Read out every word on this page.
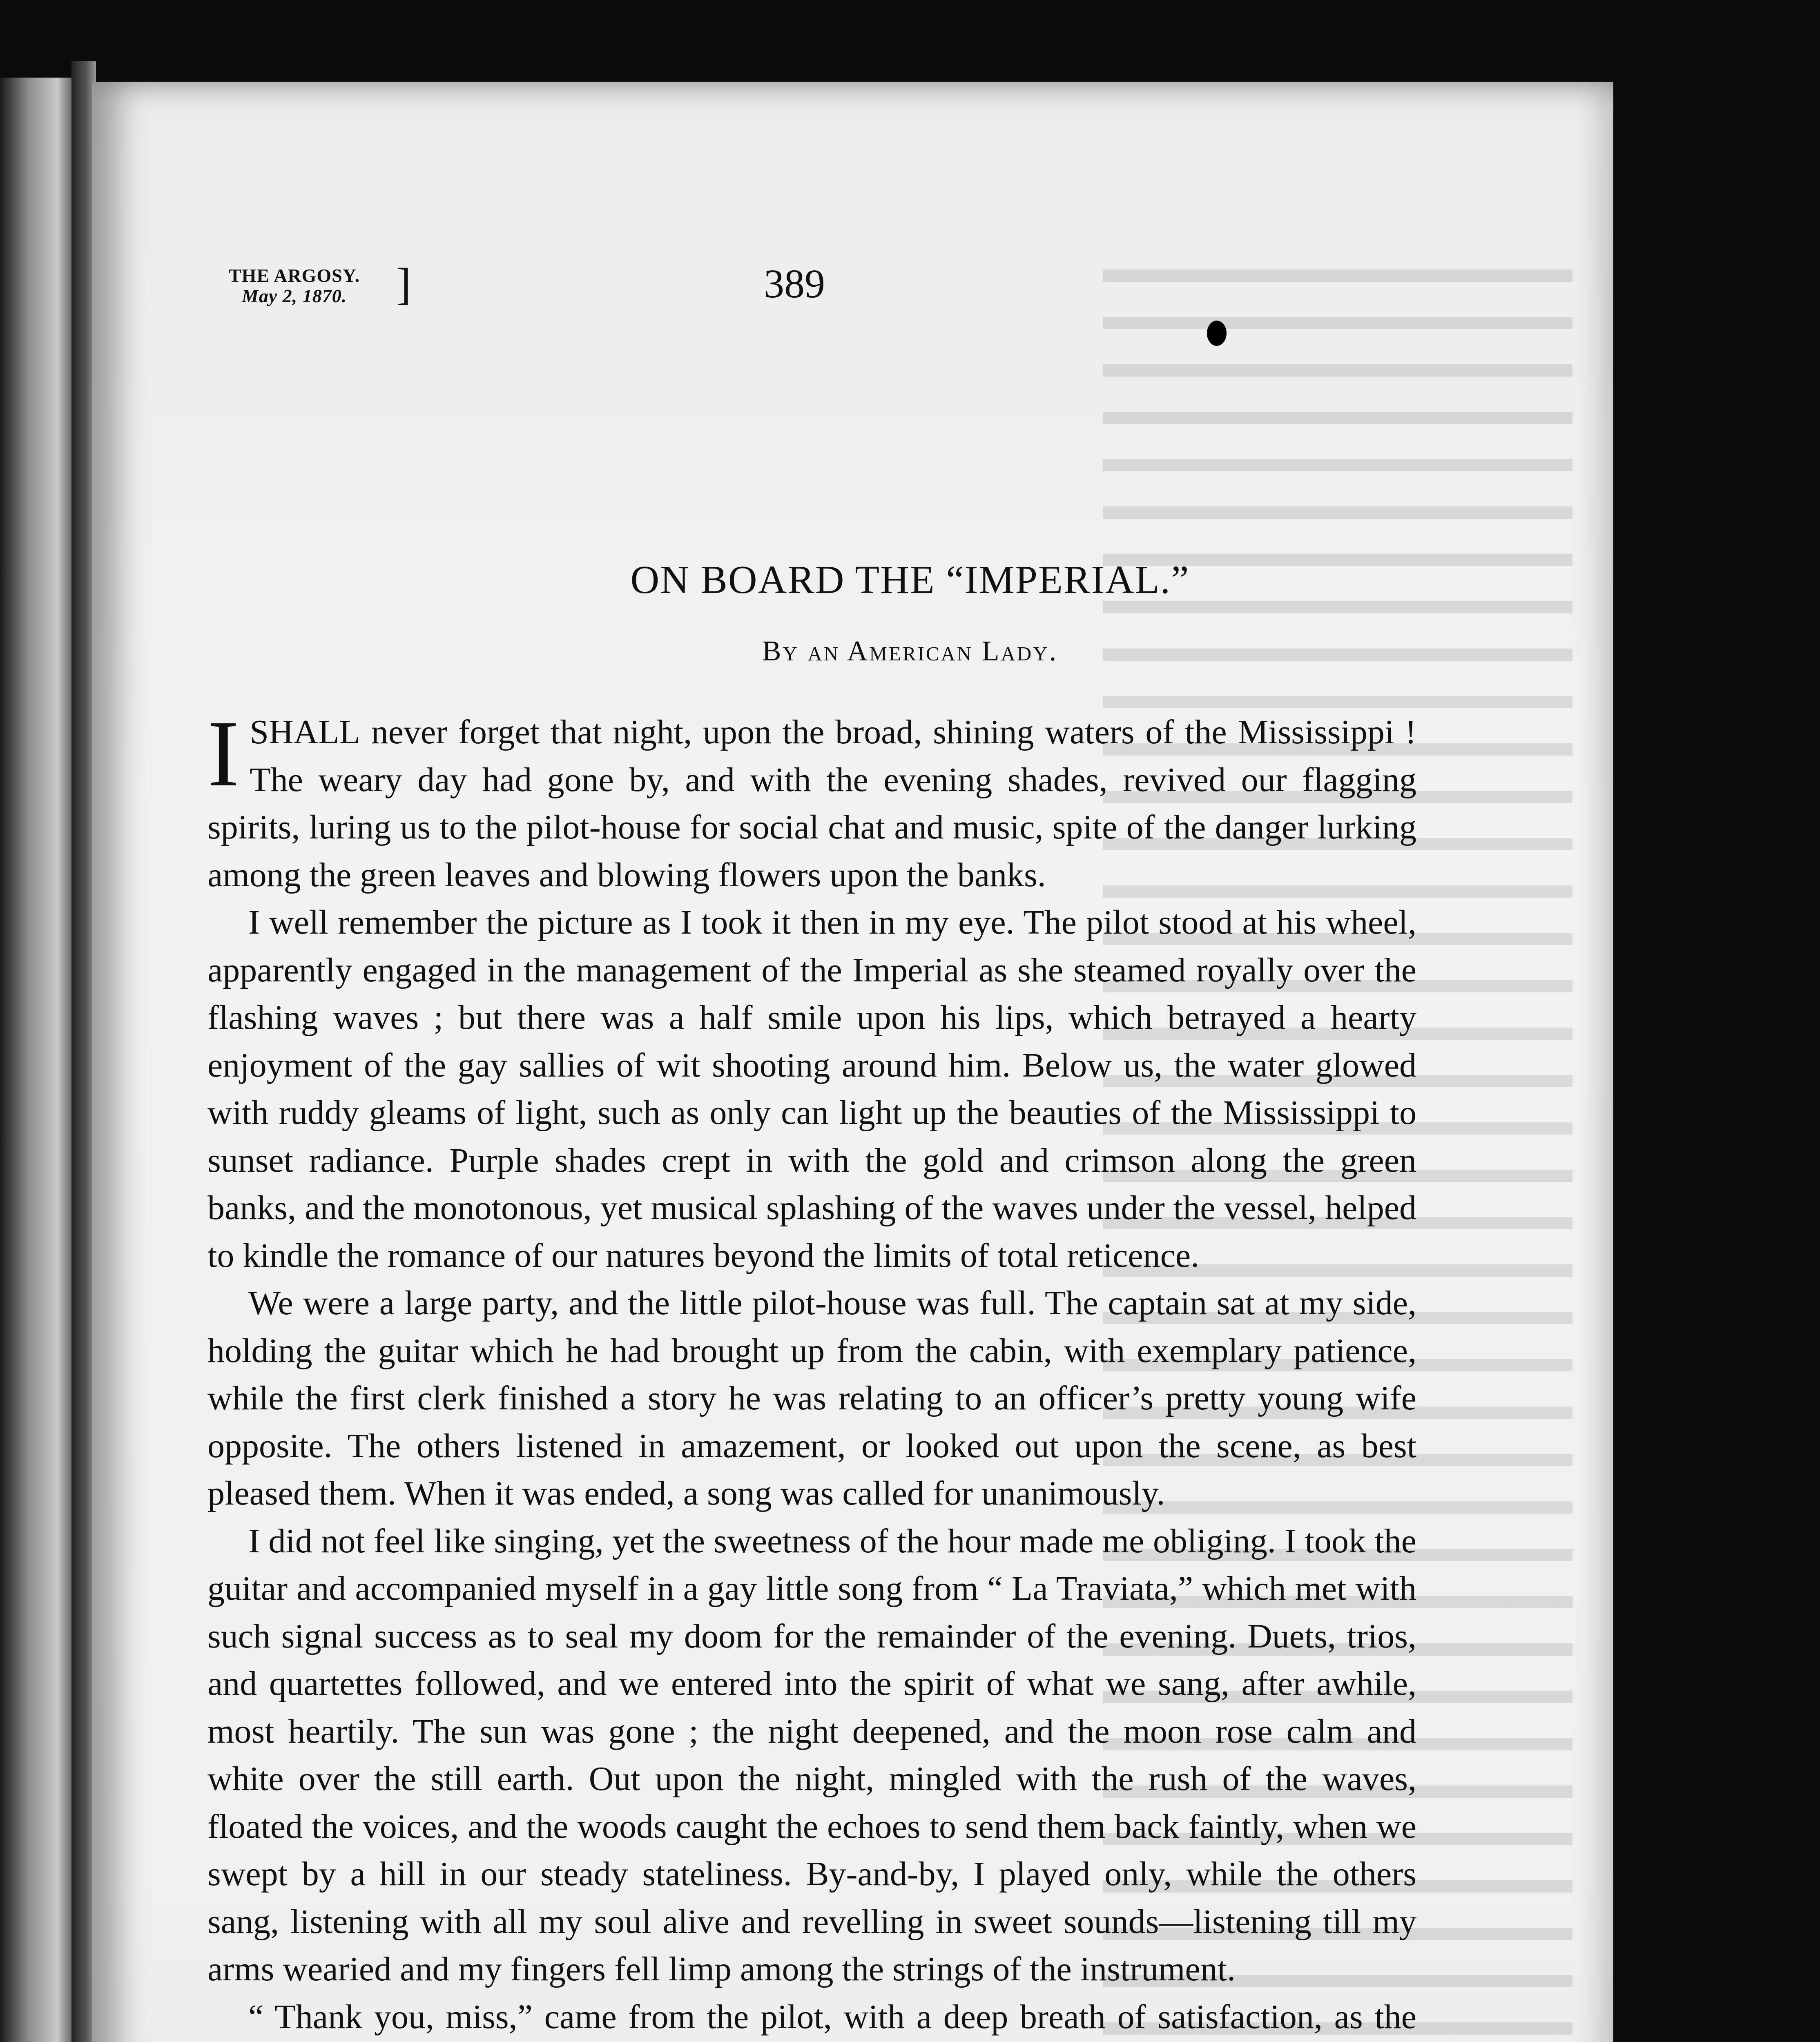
THE ARGOSY.
May 2, 1870. ]	389
ON BOARD THE “IMPERIAL.”
By an American Lady.

I SHALL never forget that night, upon the broad, shining waters of the Mississippi ! The weary day had gone by, and with the evening shades, revived our flagging spirits, luring us to the pilot-house for social chat and music, spite of the danger lurking among the green leaves and blowing flowers upon the banks.

I well remember the picture as I took it then in my eye. The pilot stood at his wheel, apparently engaged in the management of the Imperial as she steamed royally over the flashing waves ; but there was a half smile upon his lips, which betrayed a hearty enjoyment of the gay sallies of wit shooting around him. Below us, the water glowed with ruddy gleams of light, such as only can light up the beauties of the Mississippi to sunset radiance. Purple shades crept in with the gold and crimson along the green banks, and the monotonous, yet musical splashing of the waves under the vessel, helped to kindle the romance of our natures beyond the limits of total reticence.

We were a large party, and the little pilot-house was full. The captain sat at my side, holding the guitar which he had brought up from the cabin, with exemplary patience, while the first clerk finished a story he was relating to an officer’s pretty young wife opposite. The others listened in amazement, or looked out upon the scene, as best pleased them. When it was ended, a song was called for unanimously.

I did not feel like singing, yet the sweetness of the hour made me obliging. I took the guitar and accompanied myself in a gay little song from “ La Traviata,” which met with such signal success as to seal my doom for the remainder of the evening. Duets, trios, and quartettes followed, and we entered into the spirit of what we sang, after awhile, most heartily. The sun was gone ; the night deepened, and the moon rose calm and white over the still earth. Out upon the night, mingled with the rush of the waves, floated the voices, and the woods caught the echoes to send them back faintly, when we swept by a hill in our steady stateliness. By-and-by, I played only, while the others sang, listening with all my soul alive and revelling in sweet sounds—listening till my arms wearied and my fingers fell limp among the strings of the instrument.

“ Thank you, miss,” came from the pilot, with a deep breath of satisfaction, as the
